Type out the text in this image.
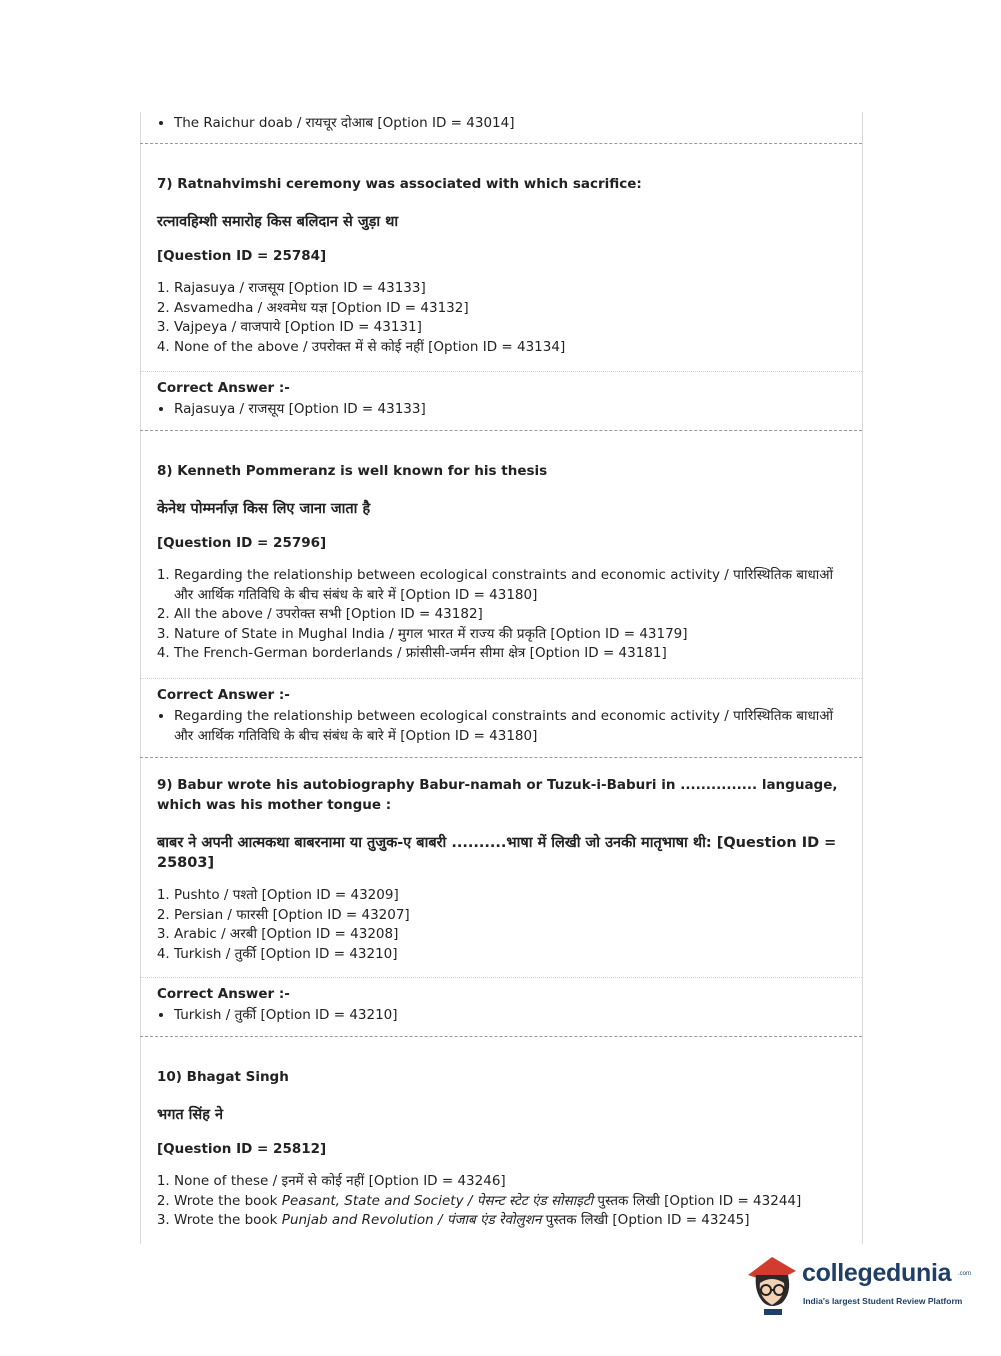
• The Raichur doab / रायचूर दोआब [Option ID = 43014]

7) Ratnahvimshi ceremony was associated with which sacrifice:

रत्नावहिम्शी समारोह किस बलिदान से जुड़ा था

[Question ID = 25784]

1. Rajasuya / राजसूय [Option ID = 43133]
2. Asvamedha / अश्वमेध यज्ञ [Option ID = 43132]
3. Vajpeya / वाजपाये [Option ID = 43131]
4. None of the above / उपरोक्त में से कोई नहीं [Option ID = 43134]

Correct Answer :-

• Rajasuya / राजसूय [Option ID = 43133]

8) Kenneth Pommeranz is well known for his thesis

केनेथ पोम्मर्नाज़ किस लिए जाना जाता है

[Question ID = 25796]

1. Regarding the relationship between ecological constraints and economic activity / पारिस्थितिक बाधाओं और आर्थिक गतिविधि के बीच संबंध के बारे में [Option ID = 43180]
2. All the above / उपरोक्त सभी [Option ID = 43182]
3. Nature of State in Mughal India / मुगल भारत में राज्य की प्रकृति [Option ID = 43179]
4. The French-German borderlands / फ्रांसीसी-जर्मन सीमा क्षेत्र [Option ID = 43181]

Correct Answer :-

• Regarding the relationship between ecological constraints and economic activity / पारिस्थितिक बाधाओं और आर्थिक गतिविधि के बीच संबंध के बारे में [Option ID = 43180]

9) Babur wrote his autobiography Babur-namah or Tuzuk-i-Baburi in ............... language, which was his mother tongue :

बाबर ने अपनी आत्मकथा बाबरनामा या तुजुक-ए बाबरी ..........भाषा में लिखी जो उनकी मातृभाषा थी: [Question ID = 25803]

1. Pushto / पश्तो [Option ID = 43209]
2. Persian / फारसी [Option ID = 43207]
3. Arabic / अरबी [Option ID = 43208]
4. Turkish / तुर्की [Option ID = 43210]

Correct Answer :-

• Turkish / तुर्की [Option ID = 43210]

10) Bhagat Singh

भगत सिंह ने

[Question ID = 25812]

1. None of these / इनमें से कोई नहीं [Option ID = 43246]
2. Wrote the book Peasant, State and Society / पेसन्ट स्टेट एंड सोसाइटी पुस्तक लिखी [Option ID = 43244]
3. Wrote the book Punjab and Revolution / पंजाब एंड रेवोलुशन पुस्तक लिखी [Option ID = 43245]
collegedunia .com
India's largest Student Review Platform
